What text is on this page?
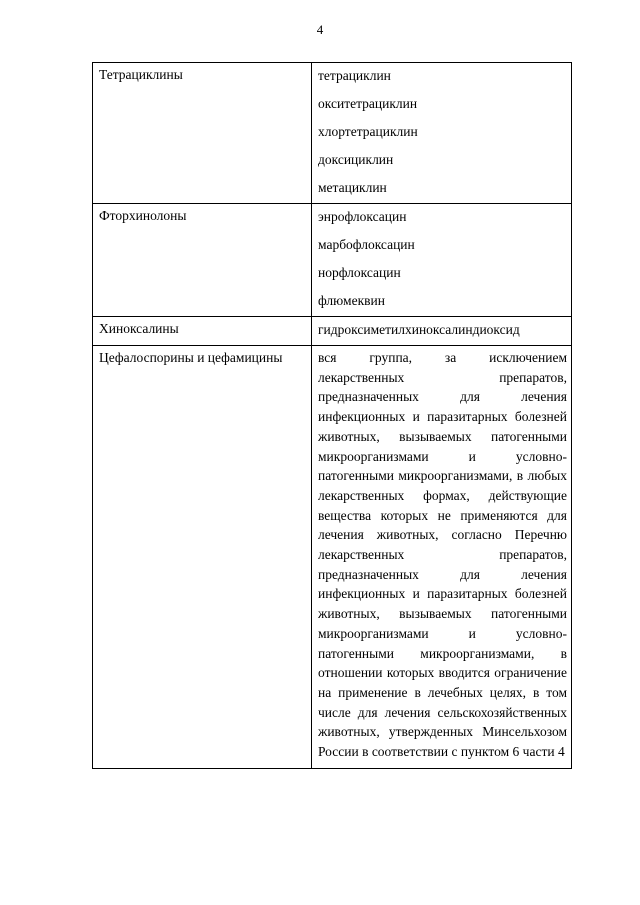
4
Тетрациклины	тетрациклин
окситетрациклин
хлортетрациклин
доксициклин
метациклин

Фторхинолоны	энрофлоксацин
марбофлоксацин
норфлоксацин
флюмеквин

Хиноксалины	гидроксиметилхиноксалиндиоксид

Цефалоспорины и цефамицины	вся группа, за исключением лекарственных препаратов, предназначенных для лечения инфекционных и паразитарных болезней животных, вызываемых патогенными микроорганизмами и условно-патогенными микроорганизмами, в любых лекарственных формах, действующие вещества которых не применяются для лечения животных, согласно Перечню лекарственных препаратов, предназначенных для лечения инфекционных и паразитарных болезней животных, вызываемых патогенными микроорганизмами и условно-патогенными микроорганизмами, в отношении которых вводится ограничение на применение в лечебных целях, в том числе для лечения сельскохозяйственных животных, утвержденных Минсельхозом России в соответствии с пунктом 6 части 4
